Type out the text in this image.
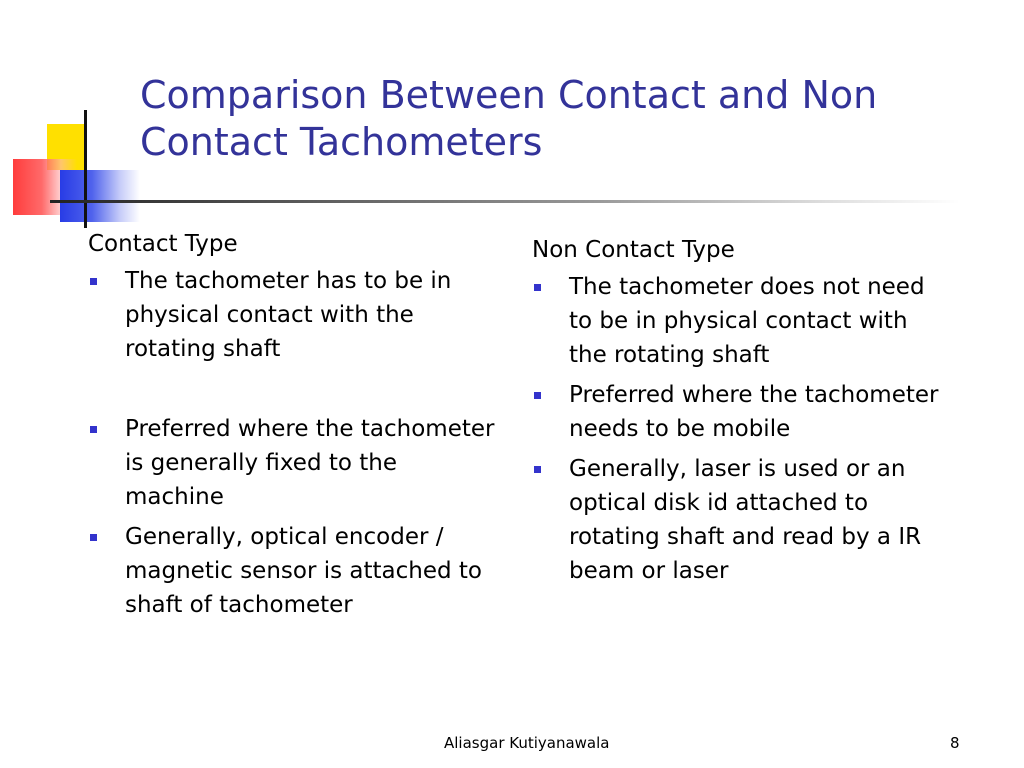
Comparison Between Contact and Non Contact Tachometers

Contact Type

The tachometer has to be in physical contact with the rotating shaft
Preferred where the tachometer is generally fixed to the machine
Generally, optical encoder / magnetic sensor is attached to shaft of tachometer

Non Contact Type

The tachometer does not need to be in physical contact with the rotating shaft
Preferred where the tachometer needs to be mobile
Generally, laser is used or an optical disk id attached to rotating shaft and read by a IR beam or laser
Aliasgar Kutiyanawala	8
